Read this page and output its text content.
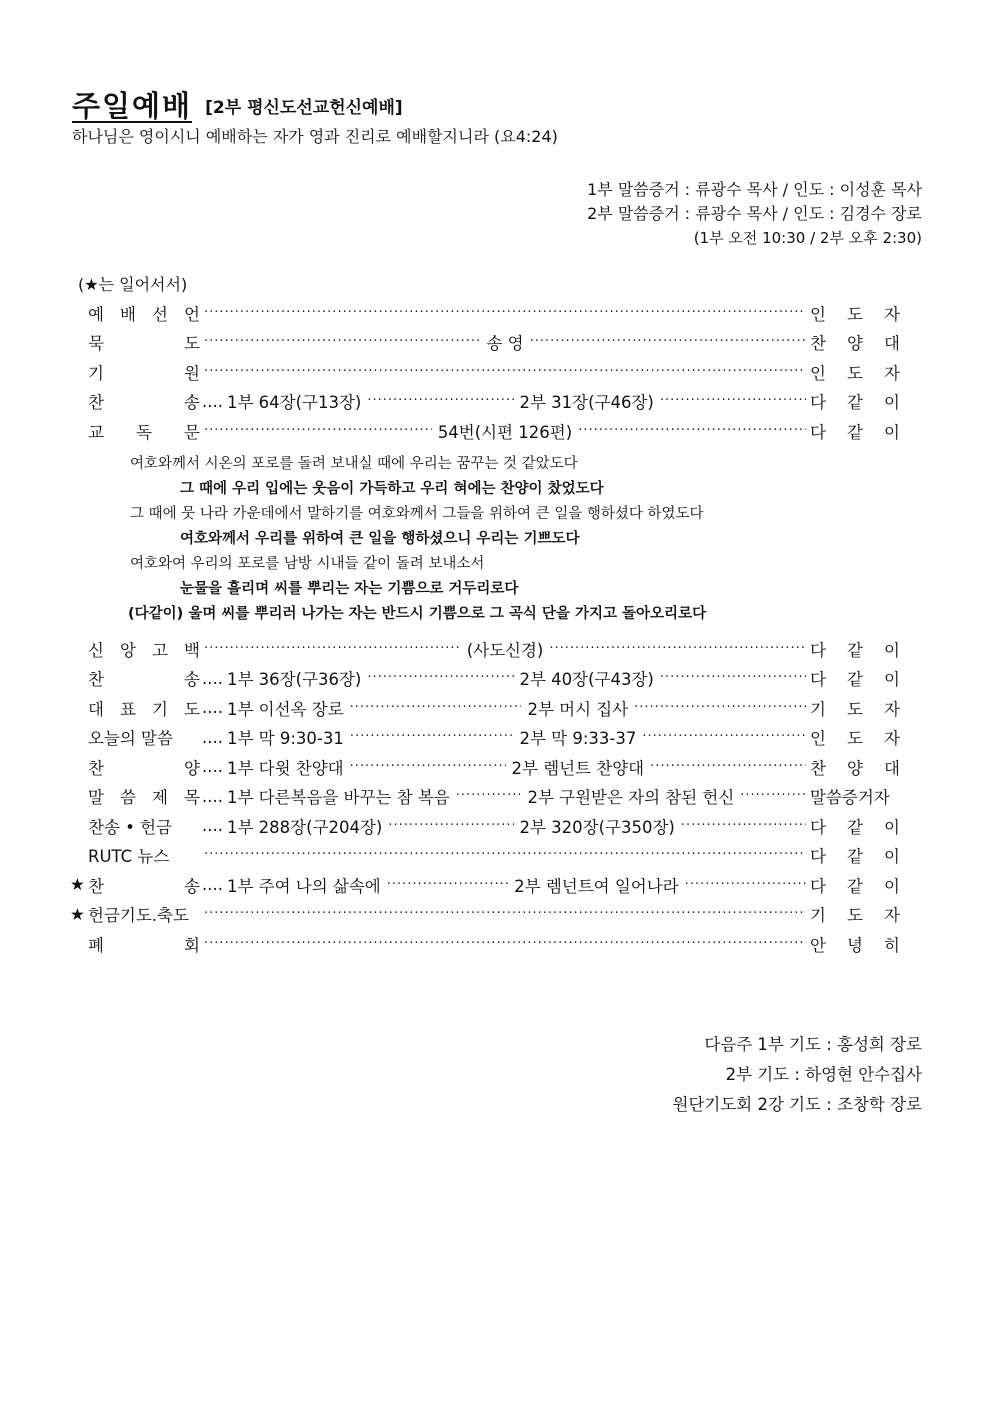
주일예배 [2부 평신도선교헌신예배]
하나님은 영이시니 예배하는 자가 영과 진리로 예배할지니라 (요4:24)
1부 말씀증거 : 류광수 목사 / 인도 : 이성훈 목사
2부 말씀증거 : 류광수 목사 / 인도 : 김경수 장로
(1부 오전 10:30 / 2부 오후 2:30)
(★는 일어서서)
예 배 선 언 .....	인 도 자
묵	도 .....	송 영 .....	찬 양 대
기	원 .....	인 도 자
찬	송 .... 1부 64장(구13장) .....	2부 31장(구46장) .....	다 같 이
교 독 문 .....	54번(시편 126편) .....	다 같 이
여호와께서 시온의 포로를 돌려 보내실 때에 우리는 꿈꾸는 것 같았도다
그 때에 우리 입에는 웃음이 가득하고 우리 혀에는 찬양이 찼었도다
그 때에 뭇 나라 가운데에서 말하기를 여호와께서 그들을 위하여 큰 일을 행하셨다 하였도다
여호와께서 우리를 위하여 큰 일을 행하셨으니 우리는 기쁘도다
여호와여 우리의 포로를 남방 시내들 같이 돌려 보내소서
눈물을 흘리며 씨를 뿌리는 자는 기쁨으로 거두리로다
(다같이) 울며 씨를 뿌리러 나가는 자는 반드시 기쁨으로 그 곡식 단을 가지고 돌아오리로다
신 앙 고 백 .....	(사도신경) .....	다 같 이
찬	송 .... 1부 36장(구36장) .....	2부 40장(구43장) .....	다 같 이
대 표 기 도 .... 1부 이선옥 장로 .....	2부 머시 집사 .....	기 도 자
오늘의 말씀 .... 1부 막 9:30-31 .....	2부 막 9:33-37 .....	인 도 자
찬	양 .... 1부 다윗 찬양대 .....	2부 렘넌트 찬양대 .....	찬 양 대
말 씀 제 목 .... 1부 다른복음을 바꾸는 참 복음 .....	2부 구원받은 자의 참된 헌신 .....	말씀증거자
찬송 • 헌금 .... 1부 288장(구204장) .....	2부 320장(구350장) .....	다 같 이
RUTC 뉴스 .....	다 같 이
★ 찬	송 .... 1부 주여 나의 삶속에 .....	2부 렘넌트여 일어나라 .....	다 같 이
★ 헌금기도.축도 .....	기 도 자
폐	회 .....	안 녕 히
다음주 1부 기도 : 홍성희 장로
2부 기도 : 하영현 안수집사
원단기도회 2강 기도 : 조창학 장로
